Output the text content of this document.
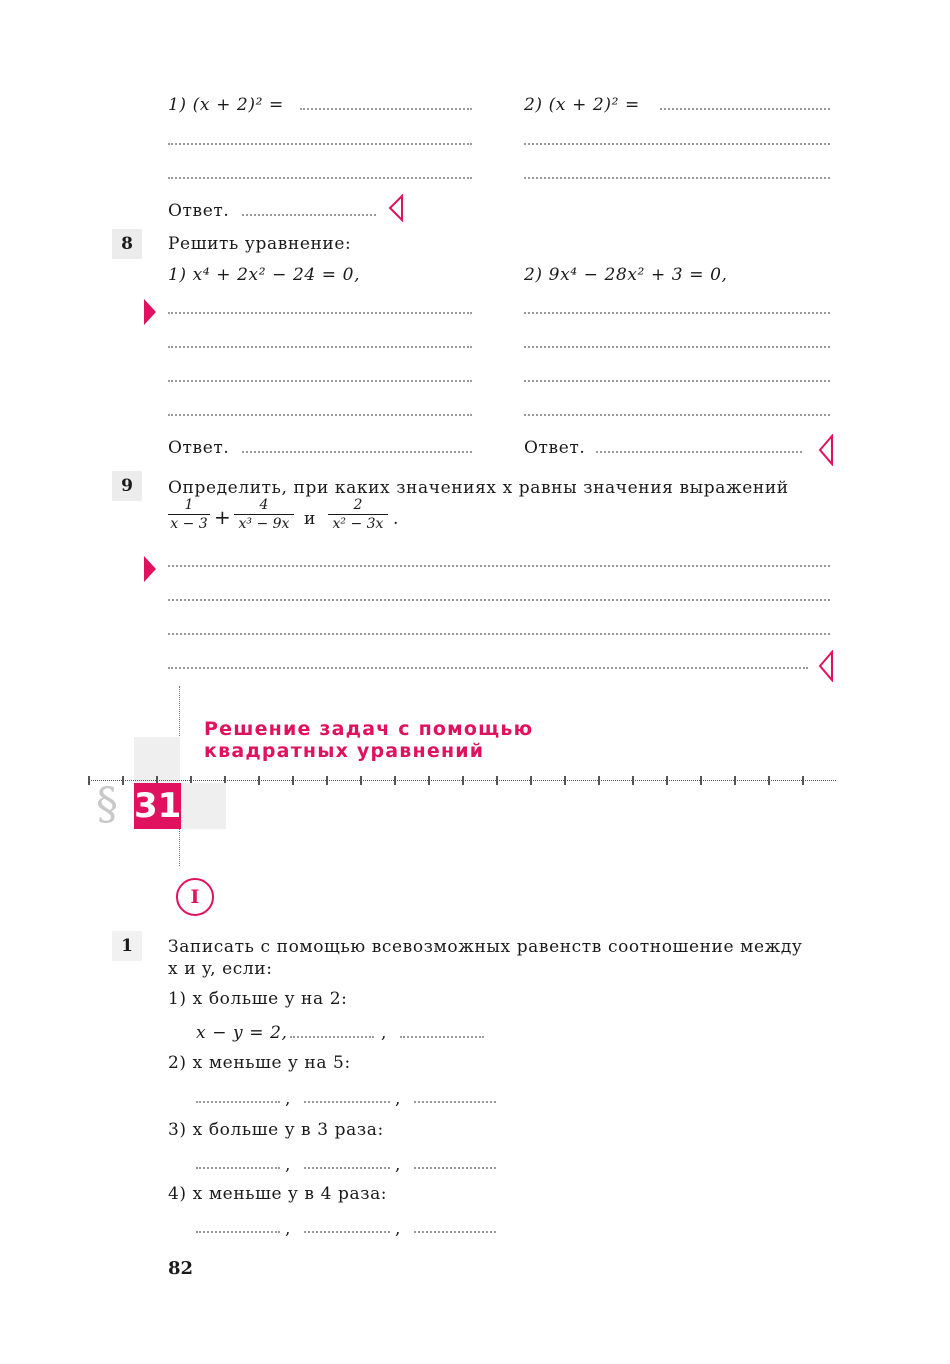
1) (x + 2)² =	2) (x + 2)² =
Ответ.
8	Решить уравнение:
1) x⁴ + 2x² − 24 = 0,	2) 9x⁴ − 28x² + 3 = 0,
Ответ.	Ответ.
9	Определить, при каких значениях x равны значения выражений
1
x − 3 +	4
x³ − 9x и
2
x² − 3x .
Решение задач с помощью
квадратных уравнений
§ 31
I
1	Записать с помощью всевозможных равенств соотношение между
x и y, если:
1) x больше y на 2:
x − y = 2,	,
2) x меньше y на 5:
,	,
3) x больше y в 3 раза:
,	,
4) x меньше y в 4 раза:
,	,
82
